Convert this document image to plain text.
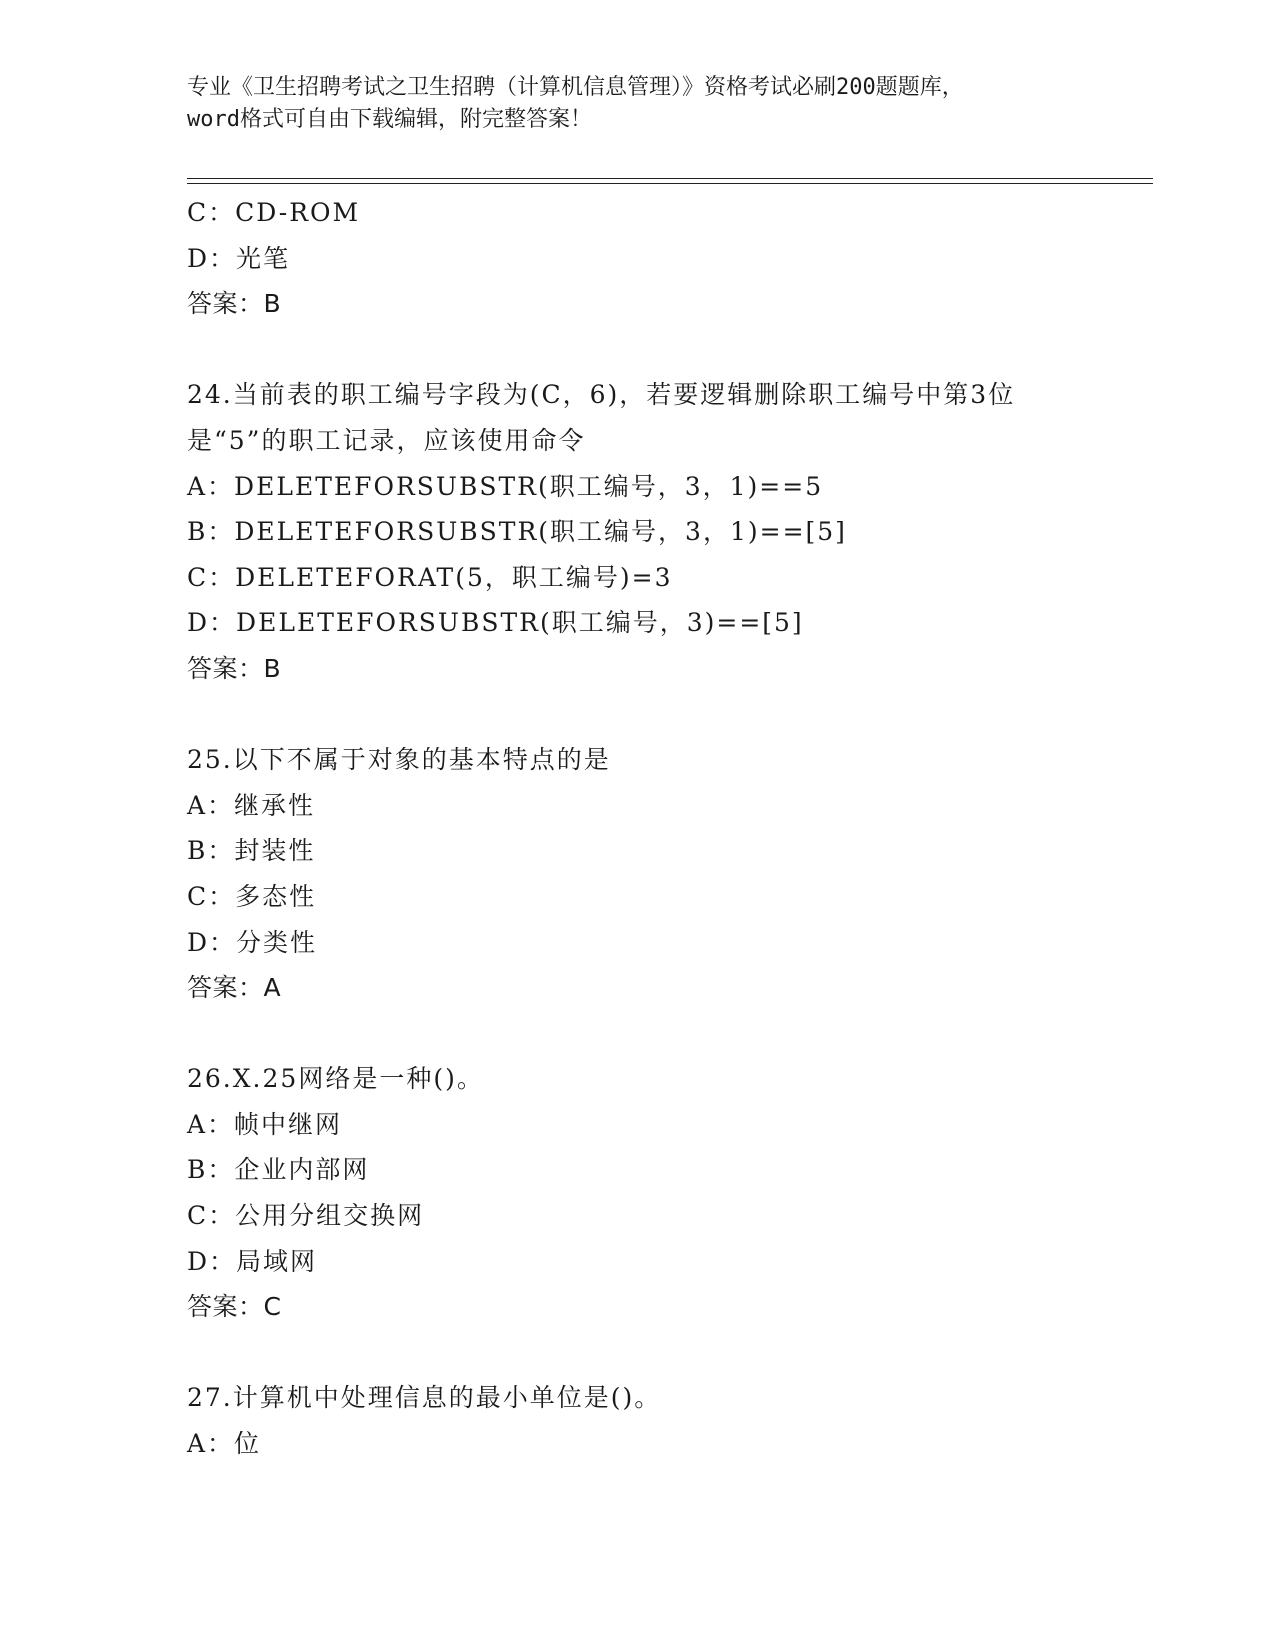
专业《卫生招聘考试之卫生招聘（计算机信息管理）》资格考试必刷200题题库，
word格式可自由下载编辑，附完整答案！
C：CD-ROM
D：光笔
答案：B
24.当前表的职工编号字段为(C，6)，若要逻辑删除职工编号中第3位
是“5”的职工记录，应该使用命令
A：DELETEFORSUBSTR(职工编号，3，1)==5
B：DELETEFORSUBSTR(职工编号，3，1)==[5]
C：DELETEFORAT(5，职工编号)=3
D：DELETEFORSUBSTR(职工编号，3)==[5]
答案：B
25.以下不属于对象的基本特点的是
A：继承性
B：封装性
C：多态性
D：分类性
答案：A
26.X.25网络是一种()。
A：帧中继网
B：企业内部网
C：公用分组交换网
D：局域网
答案：C
27.计算机中处理信息的最小单位是()。
A：位
